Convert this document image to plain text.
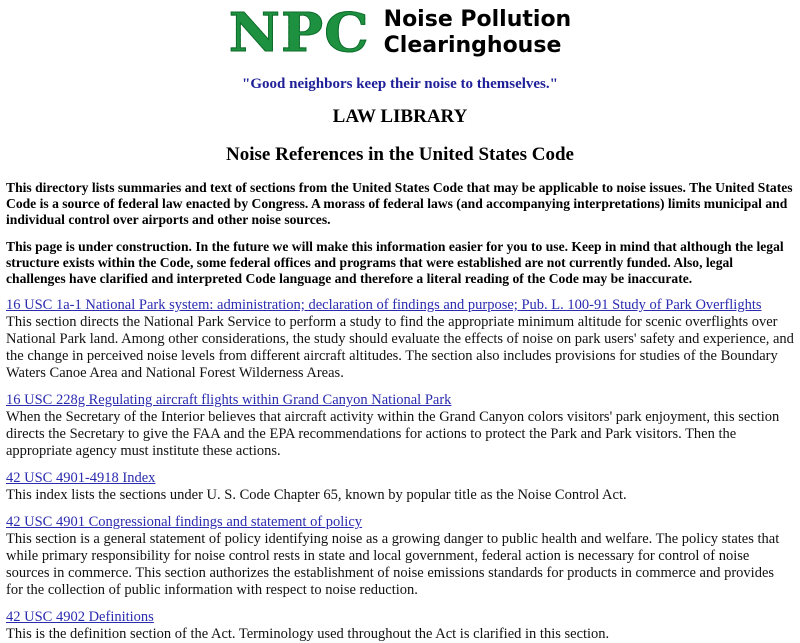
NPC Noise Pollution
Clearinghouse
"Good neighbors keep their noise to themselves."
LAW LIBRARY
Noise References in the United States Code

This directory lists summaries and text of sections from the United States Code that may be applicable to noise issues. The United States Code is a source of federal law enacted by Congress. A morass of federal laws (and accompanying interpretations) limits municipal and individual control over airports and other noise sources.

This page is under construction. In the future we will make this information easier for you to use. Keep in mind that although the legal structure exists within the Code, some federal offices and programs that were established are not currently funded. Also, legal challenges have clarified and interpreted Code language and therefore a literal reading of the Code may be inaccurate.

16 USC 1a-1 National Park system: administration; declaration of findings and purpose; Pub. L. 100-91 Study of Park Overflights
This section directs the National Park Service to perform a study to find the appropriate minimum altitude for scenic overflights over National Park land. Among other considerations, the study should evaluate the effects of noise on park users' safety and experience, and the change in perceived noise levels from different aircraft altitudes. The section also includes provisions for studies of the Boundary Waters Canoe Area and National Forest Wilderness Areas.
16 USC 228g Regulating aircraft flights within Grand Canyon National Park
When the Secretary of the Interior believes that aircraft activity within the Grand Canyon colors visitors' park enjoyment, this section directs the Secretary to give the FAA and the EPA recommendations for actions to protect the Park and Park visitors. Then the appropriate agency must institute these actions.
42 USC 4901-4918 Index
This index lists the sections under U. S. Code Chapter 65, known by popular title as the Noise Control Act.
42 USC 4901 Congressional findings and statement of policy
This section is a general statement of policy identifying noise as a growing danger to public health and welfare. The policy states that while primary responsibility for noise control rests in state and local government, federal action is necessary for control of noise sources in commerce. This section authorizes the establishment of noise emissions standards for products in commerce and provides for the collection of public information with respect to noise reduction.
42 USC 4902 Definitions
This is the definition section of the Act. Terminology used throughout the Act is clarified in this section.
